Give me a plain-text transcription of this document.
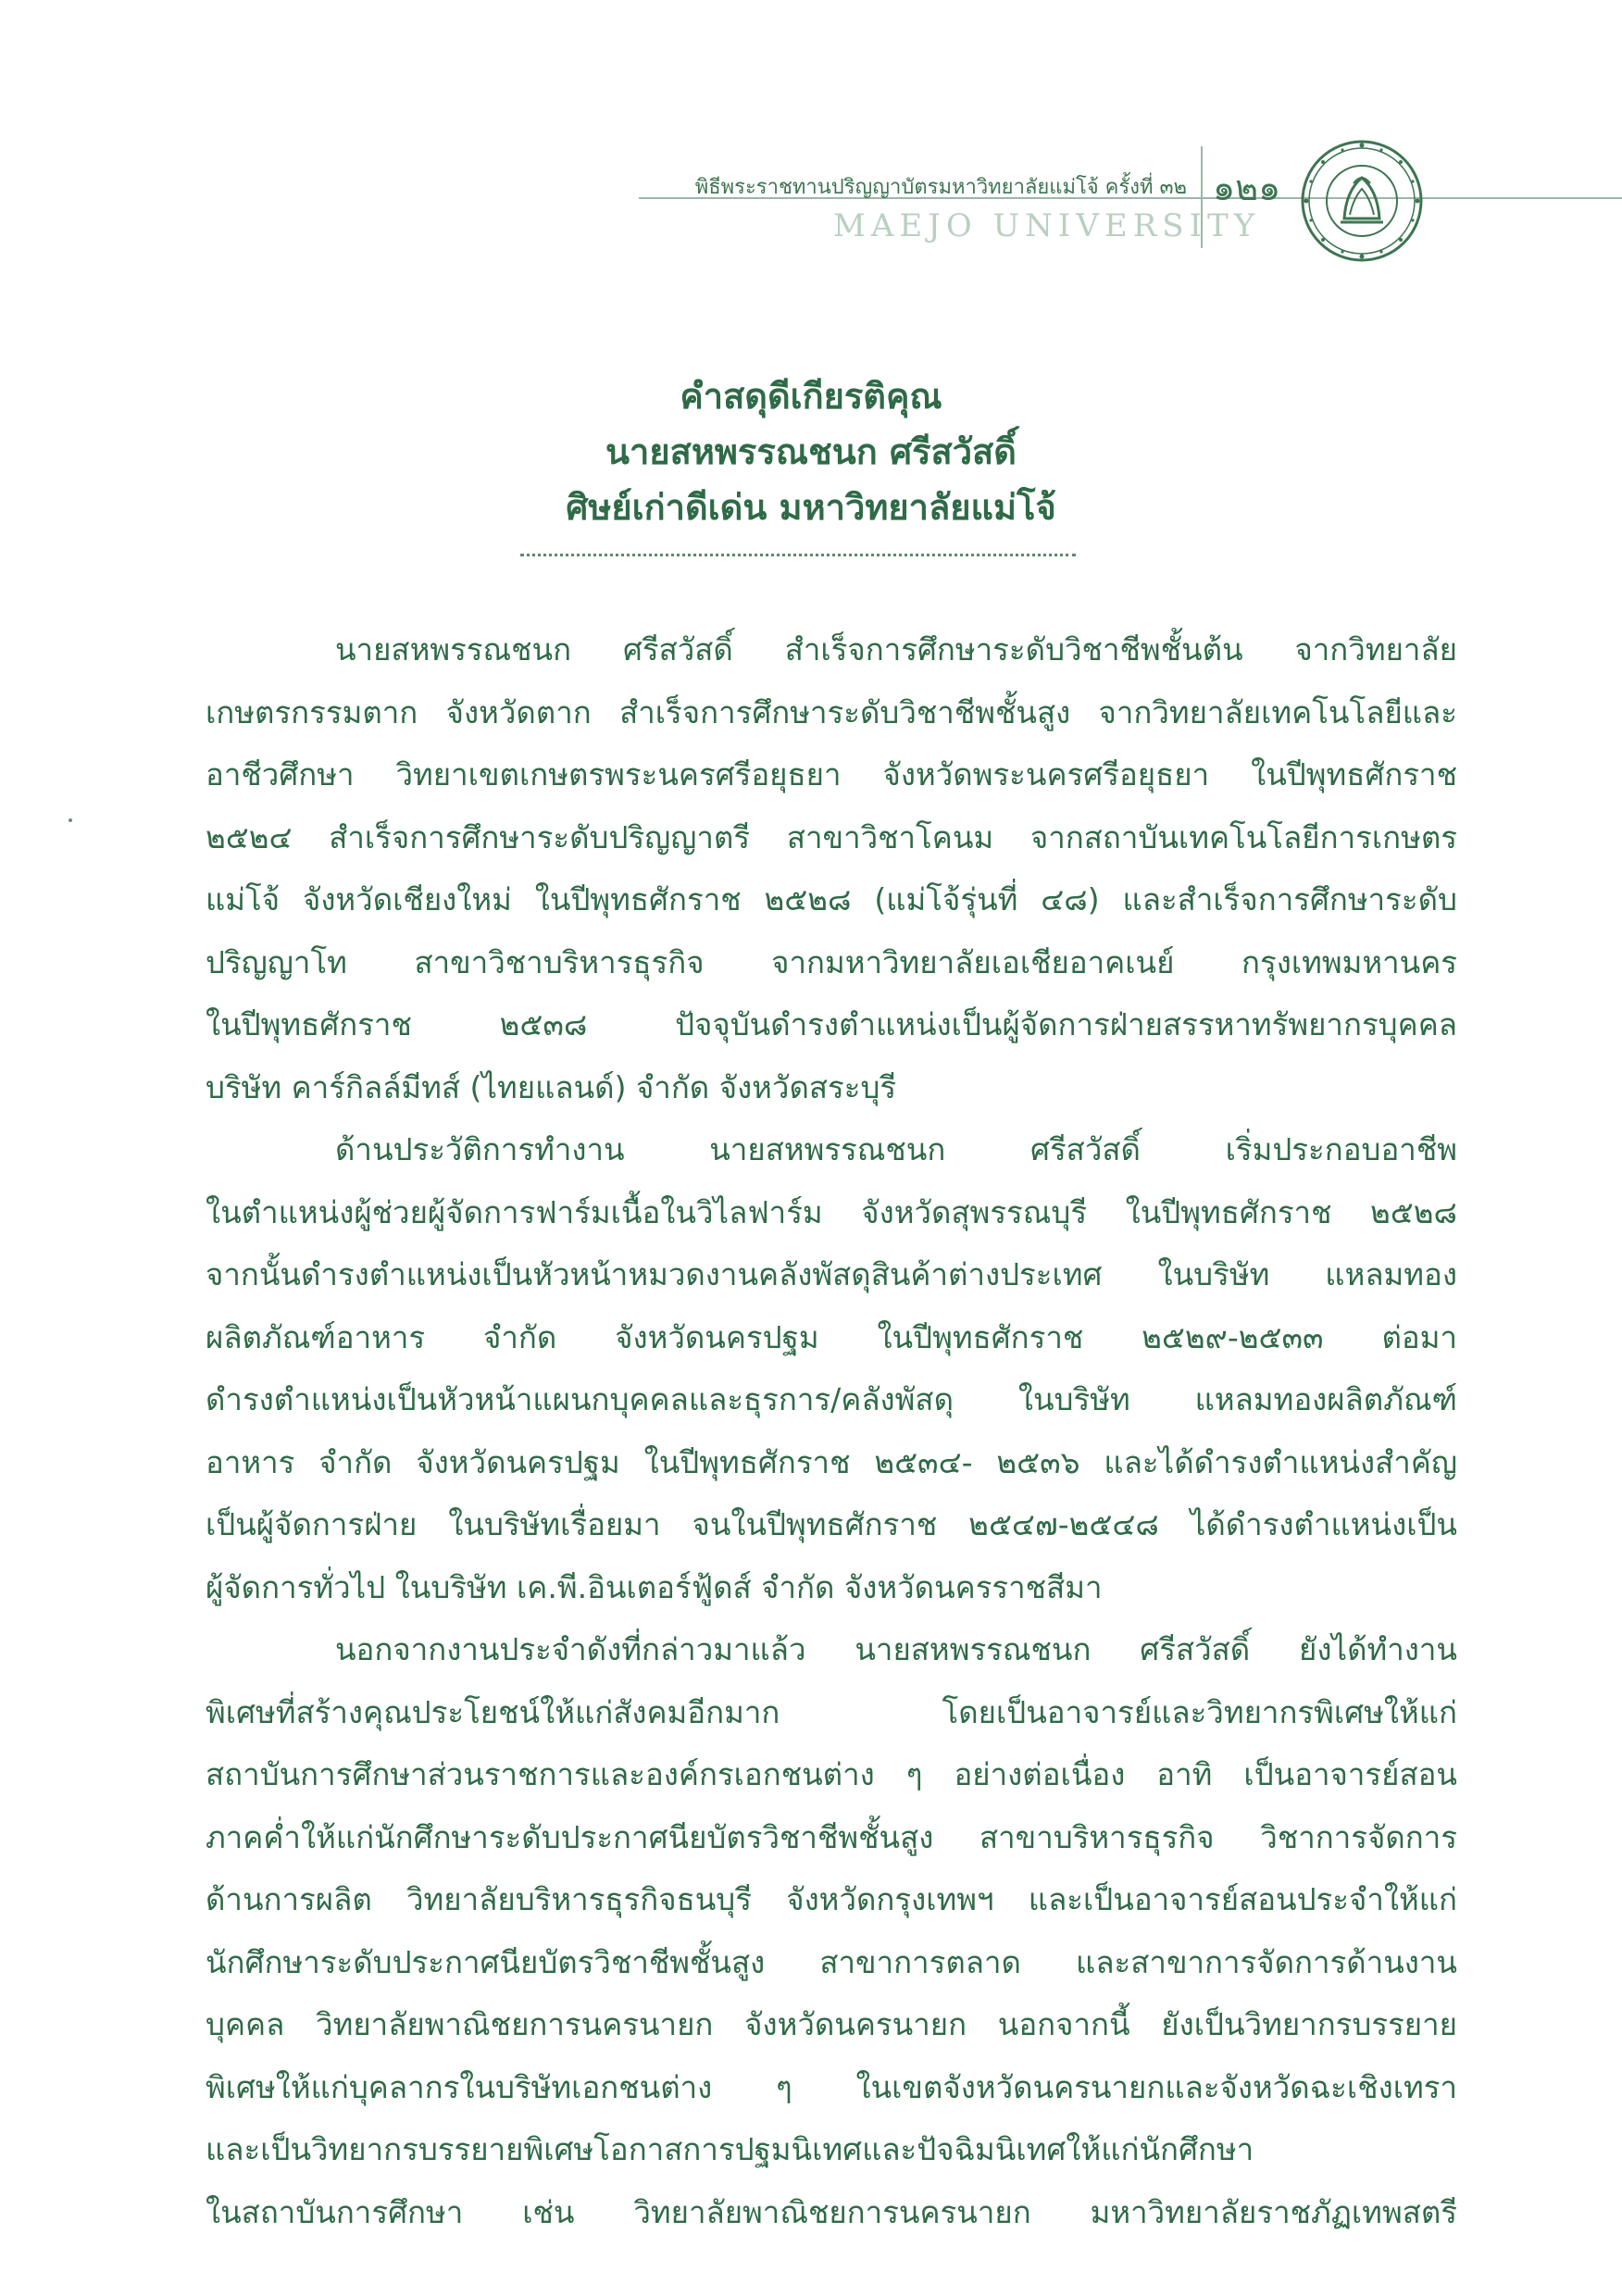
พิธีพระราชทานปริญญาบัตรมหาวิทยาลัยแม่โจ้ ครั้งที่ ๓๒
MAEJO UNIVERSITY
๑๒๑
คำสดุดีเกียรติคุณ
นายสหพรรณชนก ศรีสวัสดิ์
ศิษย์เก่าดีเด่น มหาวิทยาลัยแม่โจ้
นายสหพรรณชนก ศรีสวัสดิ์ สำเร็จการศึกษาระดับวิชาชีพชั้นต้น จากวิทยาลัย
เกษตรกรรมตาก จังหวัดตาก สำเร็จการศึกษาระดับวิชาชีพชั้นสูง จากวิทยาลัยเทคโนโลยีและ
อาชีวศึกษา วิทยาเขตเกษตรพระนครศรีอยุธยา จังหวัดพระนครศรีอยุธยา ในปีพุทธศักราช
๒๕๒๔ สำเร็จการศึกษาระดับปริญญาตรี สาขาวิชาโคนม จากสถาบันเทคโนโลยีการเกษตร
แม่โจ้ จังหวัดเชียงใหม่ ในปีพุทธศักราช ๒๕๒๘ (แม่โจ้รุ่นที่ ๔๘) และสำเร็จการศึกษาระดับ
ปริญญาโท สาขาวิชาบริหารธุรกิจ จากมหาวิทยาลัยเอเชียอาคเนย์ กรุงเทพมหานคร
ในปีพุทธศักราช ๒๕๓๘ ปัจจุบันดำรงตำแหน่งเป็นผู้จัดการฝ่ายสรรหาทรัพยากรบุคคล
บริษัท คาร์กิลล์มีทส์ (ไทยแลนด์) จำกัด จังหวัดสระบุรี
ด้านประวัติการทำงาน นายสหพรรณชนก ศรีสวัสดิ์ เริ่มประกอบอาชีพ
ในตำแหน่งผู้ช่วยผู้จัดการฟาร์มเนื้อในวิไลฟาร์ม จังหวัดสุพรรณบุรี ในปีพุทธศักราช ๒๕๒๘
จากนั้นดำรงตำแหน่งเป็นหัวหน้าหมวดงานคลังพัสดุสินค้าต่างประเทศ ในบริษัท แหลมทอง
ผลิตภัณฑ์อาหาร จำกัด จังหวัดนครปฐม ในปีพุทธศักราช ๒๕๒๙-๒๕๓๓ ต่อมา
ดำรงตำแหน่งเป็นหัวหน้าแผนกบุคคลและธุรการ/คลังพัสดุ ในบริษัท แหลมทองผลิตภัณฑ์
อาหาร จำกัด จังหวัดนครปฐม ในปีพุทธศักราช ๒๕๓๔- ๒๕๓๖ และได้ดำรงตำแหน่งสำคัญ
เป็นผู้จัดการฝ่าย ในบริษัทเรื่อยมา จนในปีพุทธศักราช ๒๕๔๗-๒๕๔๘ ได้ดำรงตำแหน่งเป็น
ผู้จัดการทั่วไป ในบริษัท เค.พี.อินเตอร์ฟู้ดส์ จำกัด จังหวัดนครราชสีมา
นอกจากงานประจำดังที่กล่าวมาแล้ว นายสหพรรณชนก ศรีสวัสดิ์ ยังได้ทำงาน
พิเศษที่สร้างคุณประโยชน์ให้แก่สังคมอีกมาก โดยเป็นอาจารย์และวิทยากรพิเศษให้แก่
สถาบันการศึกษาส่วนราชการและองค์กรเอกชนต่าง ๆ อย่างต่อเนื่อง อาทิ เป็นอาจารย์สอน
ภาคค่ำให้แก่นักศึกษาระดับประกาศนียบัตรวิชาชีพชั้นสูง สาขาบริหารธุรกิจ วิชาการจัดการ
ด้านการผลิต วิทยาลัยบริหารธุรกิจธนบุรี จังหวัดกรุงเทพฯ และเป็นอาจารย์สอนประจำให้แก่
นักศึกษาระดับประกาศนียบัตรวิชาชีพชั้นสูง สาขาการตลาด และสาขาการจัดการด้านงาน
บุคคล วิทยาลัยพาณิชยการนครนายก จังหวัดนครนายก นอกจากนี้ ยังเป็นวิทยากรบรรยาย
พิเศษให้แก่บุคลากรในบริษัทเอกชนต่าง ๆ ในเขตจังหวัดนครนายกและจังหวัดฉะเชิงเทรา
และเป็นวิทยากรบรรยายพิเศษโอกาสการปฐมนิเทศและปัจฉิมนิเทศให้แก่นักศึกษา
ในสถาบันการศึกษา เช่น วิทยาลัยพาณิชยการนครนายก มหาวิทยาลัยราชภัฏเทพสตรี
